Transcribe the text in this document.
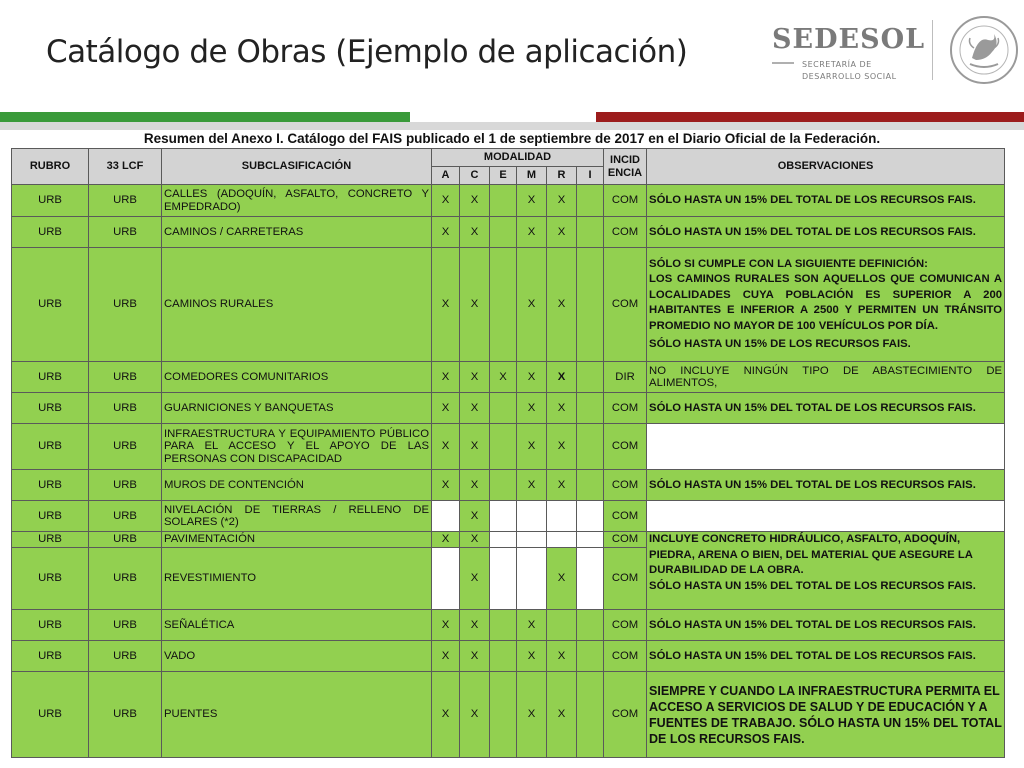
Catálogo de Obras (Ejemplo de aplicación)	SEDESOL
SECRETARÍA DE
DESARROLLO SOCIAL
Resumen del Anexo I. Catálogo del FAIS publicado el 1 de septiembre de 2017 en el Diario Oficial de la Federación.
RUBRO	33 LCF	SUBCLASIFICACIÓN	MODALIDAD						INCID ENCIA	OBSERVACIONES
			A	C	E	M	R	I		
URB	URB	CALLES (ADOQUÍN, ASFALTO, CONCRETO Y EMPEDRADO)	X	X		X	X		COM	SÓLO HASTA UN 15% DEL TOTAL DE LOS RECURSOS FAIS.
URB	URB	CAMINOS / CARRETERAS	X	X		X	X		COM	SÓLO HASTA UN 15% DEL TOTAL DE LOS RECURSOS FAIS.
URB	URB	CAMINOS RURALES	X	X		X	X		COM	SÓLO SI CUMPLE CON LA SIGUIENTE DEFINICIÓN:
LOS CAMINOS RURALES SON AQUELLOS QUE COMUNICAN A LOCALIDADES CUYA POBLACIÓN ES SUPERIOR A 200 HABITANTES E INFERIOR A 2500 Y PERMITEN UN TRÁNSITO PROMEDIO NO MAYOR DE 100 VEHÍCULOS POR DÍA.
SÓLO HASTA UN 15% DE LOS RECURSOS FAIS.

URB	URB	COMEDORES COMUNITARIOS	X	X	X	X	X		DIR	NO INCLUYE NINGÚN TIPO DE ABASTECIMIENTO DE ALIMENTOS,
URB	URB	GUARNICIONES Y BANQUETAS	X	X		X	X		COM	SÓLO HASTA UN 15% DEL TOTAL DE LOS RECURSOS FAIS.
URB	URB	INFRAESTRUCTURA Y EQUIPAMIENTO PÚBLICO PARA EL ACCESO Y EL APOYO DE LAS PERSONAS CON DISCAPACIDAD	X	X		X	X		COM	
URB	URB	MUROS DE CONTENCIÓN	X	X		X	X		COM	SÓLO HASTA UN 15% DEL TOTAL DE LOS RECURSOS FAIS.
URB	URB	NIVELACIÓN DE TIERRAS / RELLENO DE SOLARES (*2)		X					COM	
URB	URB	PAVIMENTACIÓN	X	X					COM	INCLUYE CONCRETO HIDRÁULICO, ASFALTO, ADOQUÍN, PIEDRA, ARENA O BIEN, DEL MATERIAL QUE ASEGURE LA DURABILIDAD DE LA OBRA.
SÓLO HASTA UN 15% DEL TOTAL DE LOS RECURSOS FAIS.

URB	URB	REVESTIMIENTO		X			X		COM	
URB	URB	SEÑALÉTICA	X	X		X			COM	SÓLO HASTA UN 15% DEL TOTAL DE LOS RECURSOS FAIS.
URB	URB	VADO	X	X		X	X		COM	SÓLO HASTA UN 15% DEL TOTAL DE LOS RECURSOS FAIS.
URB	URB	PUENTES	X	X		X	X		COM	SIEMPRE Y CUANDO LA INFRAESTRUCTURA PERMITA EL ACCESO A SERVICIOS DE SALUD Y DE EDUCACIÓN Y A FUENTES DE TRABAJO. SÓLO HASTA UN 15% DEL TOTAL DE LOS RECURSOS FAIS.
